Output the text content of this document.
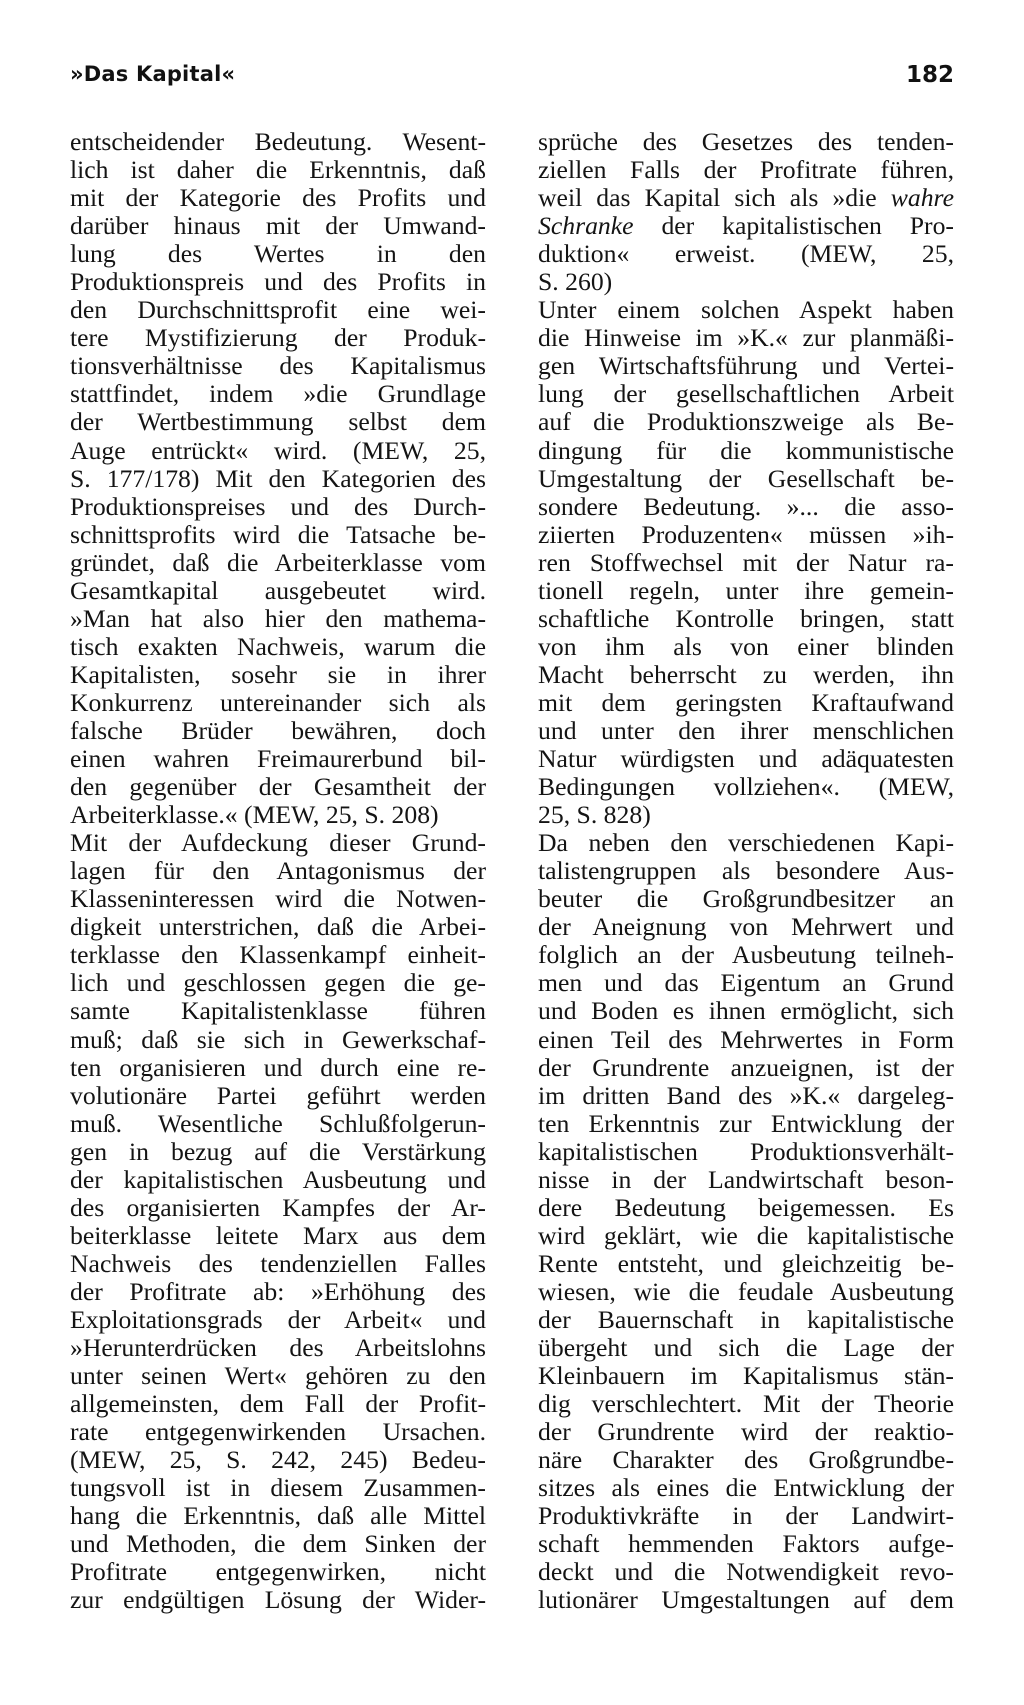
»Das Kapital«	182
entscheidender Bedeutung. Wesent-
lich ist daher die Erkenntnis, daß
mit der Kategorie des Profits und
darüber hinaus mit der Umwand-
lung des Wertes in den
Produktionspreis und des Profits in
den Durchschnittsprofit eine wei-
tere Mystifizierung der Produk-
tionsverhältnisse des Kapitalismus
stattfindet, indem »die Grundlage
der Wertbestimmung selbst dem
Auge entrückt« wird. (MEW, 25,
S. 177/178) Mit den Kategorien des
Produktionspreises und des Durch-
schnittsprofits wird die Tatsache be-
gründet, daß die Arbeiterklasse vom
Gesamtkapital ausgebeutet wird.
»Man hat also hier den mathema-
tisch exakten Nachweis, warum die
Kapitalisten, sosehr sie in ihrer
Konkurrenz untereinander sich als
falsche Brüder bewähren, doch
einen wahren Freimaurerbund bil-
den gegenüber der Gesamtheit der
Arbeiterklasse.« (MEW, 25, S. 208)
Mit der Aufdeckung dieser Grund-
lagen für den Antagonismus der
Klasseninteressen wird die Notwen-
digkeit unterstrichen, daß die Arbei-
terklasse den Klassenkampf einheit-
lich und geschlossen gegen die ge-
samte Kapitalistenklasse führen
muß; daß sie sich in Gewerkschaf-
ten organisieren und durch eine re-
volutionäre Partei geführt werden
muß. Wesentliche Schlußfolgerun-
gen in bezug auf die Verstärkung
der kapitalistischen Ausbeutung und
des organisierten Kampfes der Ar-
beiterklasse leitete Marx aus dem
Nachweis des tendenziellen Falles
der Profitrate ab: »Erhöhung des
Exploitationsgrads der Arbeit« und
»Herunterdrücken des Arbeitslohns
unter seinen Wert« gehören zu den
allgemeinsten, dem Fall der Profit-
rate entgegenwirkenden Ursachen.
(MEW, 25, S. 242, 245) Bedeu-
tungsvoll ist in diesem Zusammen-
hang die Erkenntnis, daß alle Mittel
und Methoden, die dem Sinken der
Profitrate entgegenwirken, nicht
zur endgültigen Lösung der Wider-
sprüche des Gesetzes des tenden-
ziellen Falls der Profitrate führen,
weil das Kapital sich als »die wahre
Schranke der kapitalistischen Pro-
duktion« erweist. (MEW, 25,
S. 260)
Unter einem solchen Aspekt haben
die Hinweise im »K.« zur planmäßi-
gen Wirtschaftsführung und Vertei-
lung der gesellschaftlichen Arbeit
auf die Produktionszweige als Be-
dingung für die kommunistische
Umgestaltung der Gesellschaft be-
sondere Bedeutung. »... die asso-
ziierten Produzenten« müssen »ih-
ren Stoffwechsel mit der Natur ra-
tionell regeln, unter ihre gemein-
schaftliche Kontrolle bringen, statt
von ihm als von einer blinden
Macht beherrscht zu werden, ihn
mit dem geringsten Kraftaufwand
und unter den ihrer menschlichen
Natur würdigsten und adäquatesten
Bedingungen vollziehen«. (MEW,
25, S. 828)
Da neben den verschiedenen Kapi-
talistengruppen als besondere Aus-
beuter die Großgrundbesitzer an
der Aneignung von Mehrwert und
folglich an der Ausbeutung teilneh-
men und das Eigentum an Grund
und Boden es ihnen ermöglicht, sich
einen Teil des Mehrwertes in Form
der Grundrente anzueignen, ist der
im dritten Band des »K.« dargeleg-
ten Erkenntnis zur Entwicklung der
kapitalistischen Produktionsverhält-
nisse in der Landwirtschaft beson-
dere Bedeutung beigemessen. Es
wird geklärt, wie die kapitalistische
Rente entsteht, und gleichzeitig be-
wiesen, wie die feudale Ausbeutung
der Bauernschaft in kapitalistische
übergeht und sich die Lage der
Kleinbauern im Kapitalismus stän-
dig verschlechtert. Mit der Theorie
der Grundrente wird der reaktio-
näre Charakter des Großgrundbe-
sitzes als eines die Entwicklung der
Produktivkräfte in der Landwirt-
schaft hemmenden Faktors aufge-
deckt und die Notwendigkeit revo-
lutionärer Umgestaltungen auf dem
